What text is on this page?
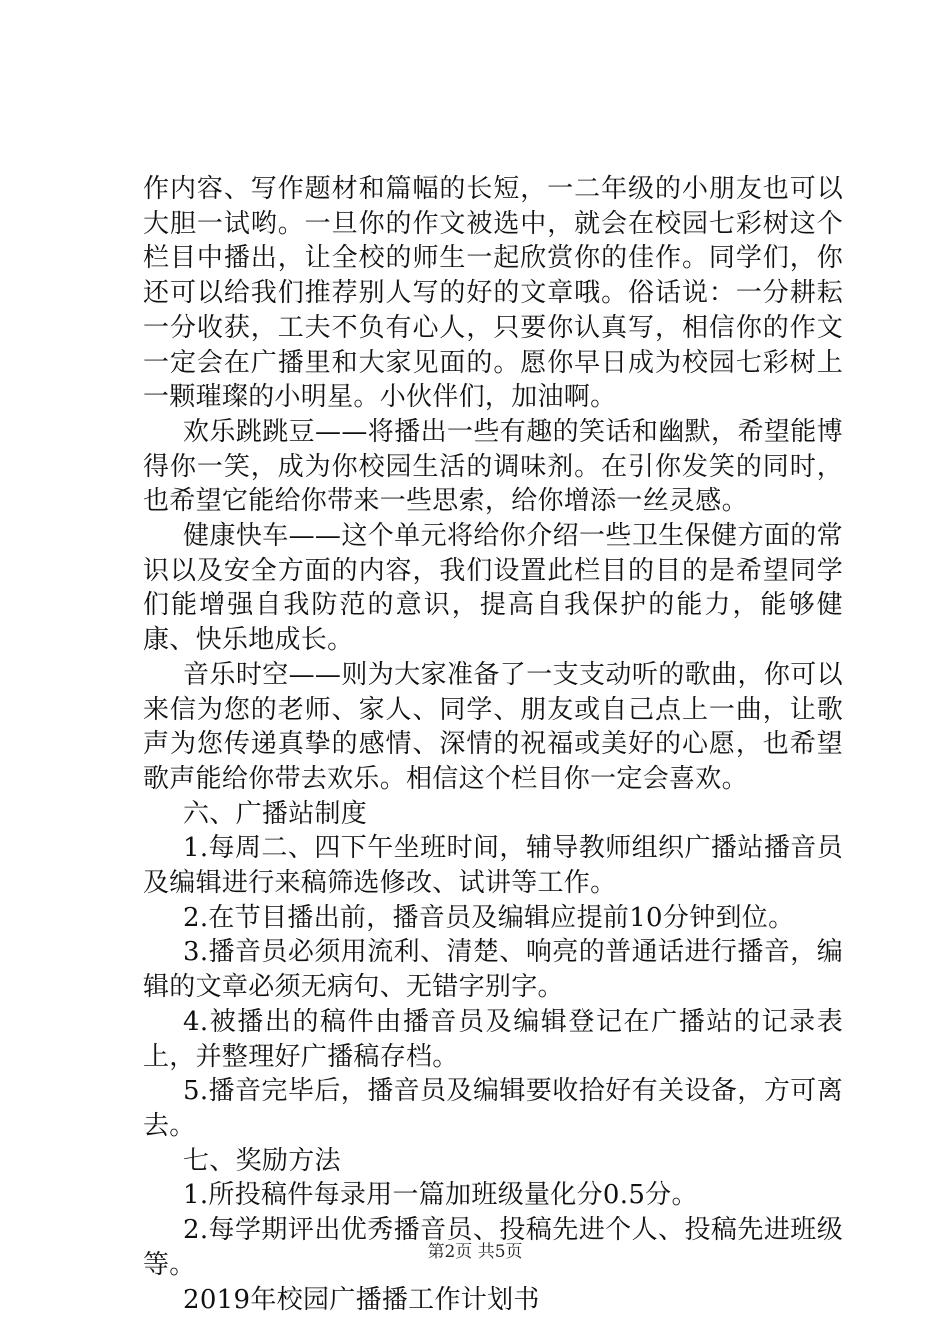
作内容、写作题材和篇幅的长短，一二年级的小朋友也可以大胆一试哟。一旦你的作文被选中，就会在校园七彩树这个栏目中播出，让全校的师生一起欣赏你的佳作。同学们，你还可以给我们推荐别人写的好的文章哦。俗话说：一分耕耘一分收获，工夫不负有心人，只要你认真写，相信你的作文一定会在广播里和大家见面的。愿你早日成为校园七彩树上一颗璀璨的小明星。小伙伴们，加油啊。

欢乐跳跳豆——将播出一些有趣的笑话和幽默，希望能博得你一笑，成为你校园生活的调味剂。在引你发笑的同时，也希望它能给你带来一些思索，给你增添一丝灵感。

健康快车——这个单元将给你介绍一些卫生保健方面的常识以及安全方面的内容，我们设置此栏目的目的是希望同学们能增强自我防范的意识，提高自我保护的能力，能够健康、快乐地成长。

音乐时空——则为大家准备了一支支动听的歌曲，你可以来信为您的老师、家人、同学、朋友或自己点上一曲，让歌声为您传递真挚的感情、深情的祝福或美好的心愿，也希望歌声能给你带去欢乐。相信这个栏目你一定会喜欢。

六、广播站制度

1.每周二、四下午坐班时间，辅导教师组织广播站播音员及编辑进行来稿筛选修改、试讲等工作。

2.在节目播出前，播音员及编辑应提前10分钟到位。

3.播音员必须用流利、清楚、响亮的普通话进行播音，编辑的文章必须无病句、无错字别字。

4.被播出的稿件由播音员及编辑登记在广播站的记录表上，并整理好广播稿存档。

5.播音完毕后，播音员及编辑要收拾好有关设备，方可离去。

七、奖励方法

1.所投稿件每录用一篇加班级量化分0.5分。

2.每学期评出优秀播音员、投稿先进个人、投稿先进班级等。

2019年校园广播播工作计划书

第2页 共5页
